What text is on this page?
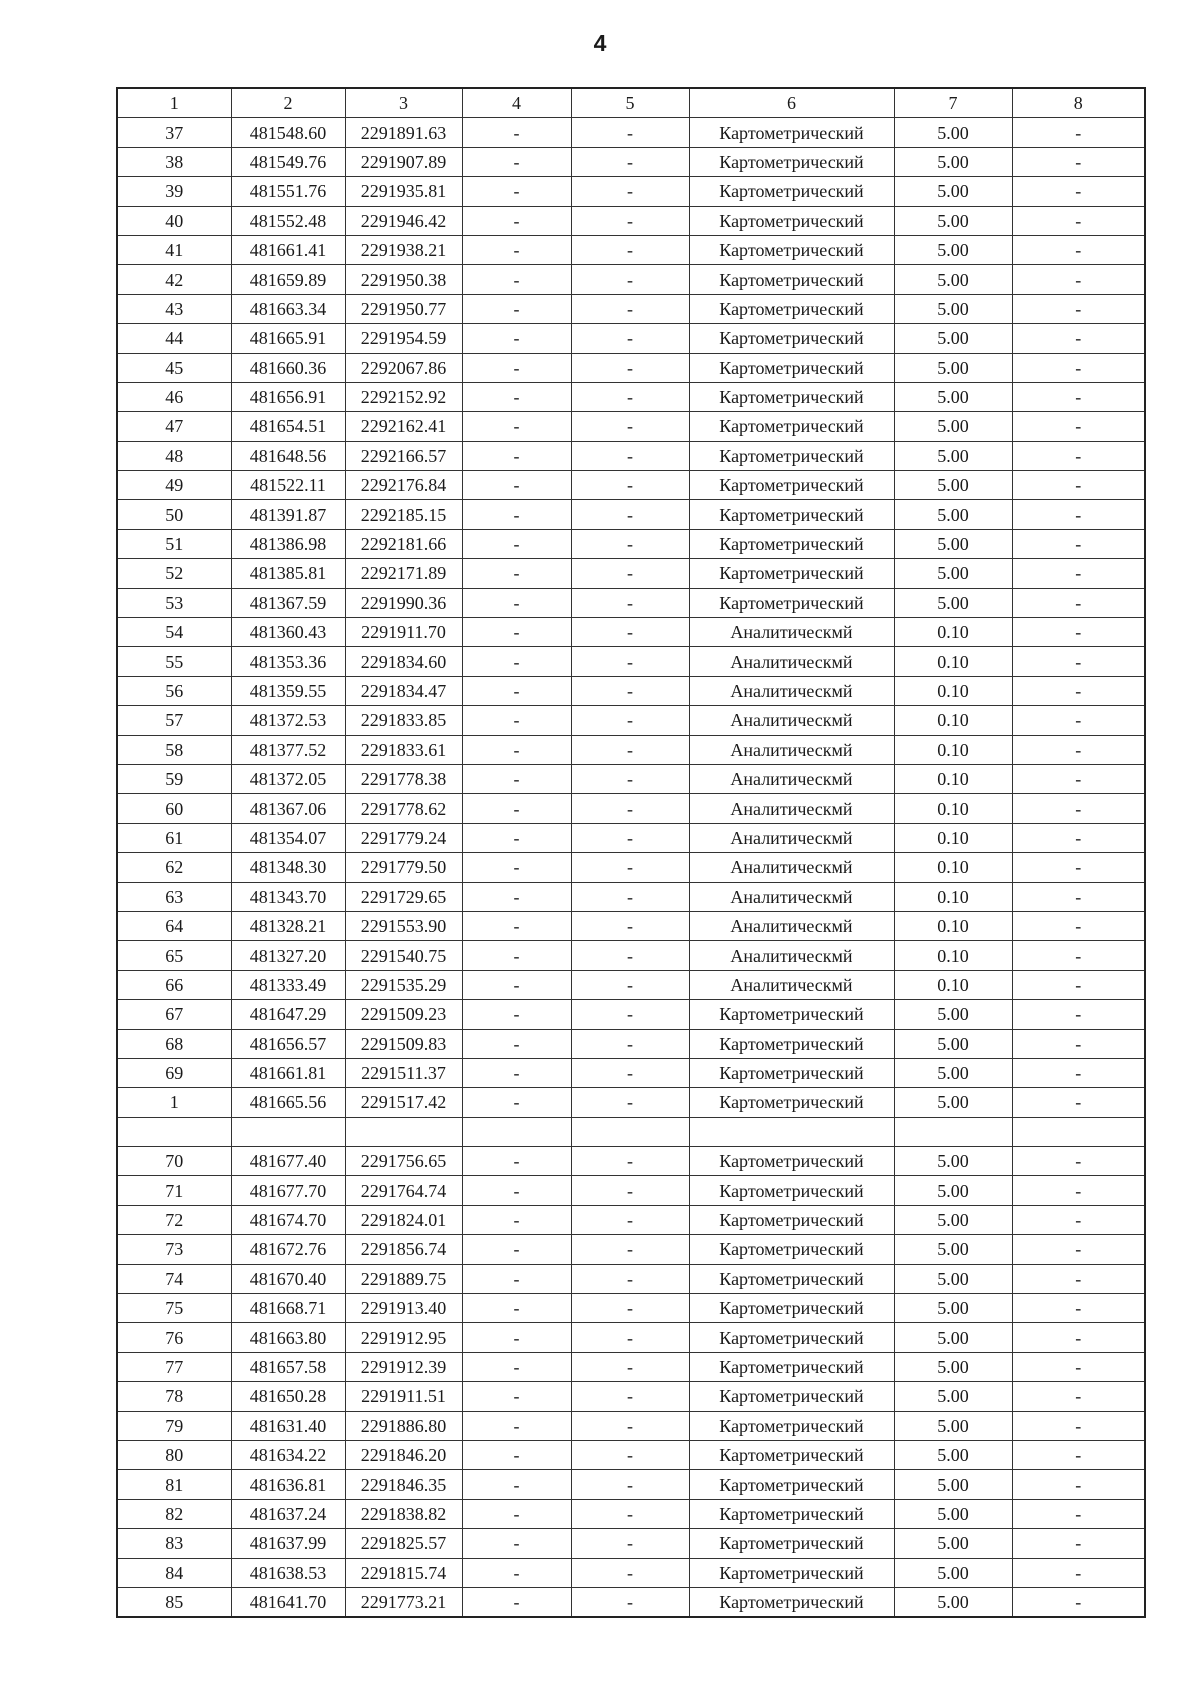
4
1	2	3	4	5	6	7	8
37	481548.60	2291891.63	-	-	Картометрический	5.00	-
38	481549.76	2291907.89	-	-	Картометрический	5.00	-
39	481551.76	2291935.81	-	-	Картометрический	5.00	-
40	481552.48	2291946.42	-	-	Картометрический	5.00	-
41	481661.41	2291938.21	-	-	Картометрический	5.00	-
42	481659.89	2291950.38	-	-	Картометрический	5.00	-
43	481663.34	2291950.77	-	-	Картометрический	5.00	-
44	481665.91	2291954.59	-	-	Картометрический	5.00	-
45	481660.36	2292067.86	-	-	Картометрический	5.00	-
46	481656.91	2292152.92	-	-	Картометрический	5.00	-
47	481654.51	2292162.41	-	-	Картометрический	5.00	-
48	481648.56	2292166.57	-	-	Картометрический	5.00	-
49	481522.11	2292176.84	-	-	Картометрический	5.00	-
50	481391.87	2292185.15	-	-	Картометрический	5.00	-
51	481386.98	2292181.66	-	-	Картометрический	5.00	-
52	481385.81	2292171.89	-	-	Картометрический	5.00	-
53	481367.59	2291990.36	-	-	Картометрический	5.00	-
54	481360.43	2291911.70	-	-	Аналитическмй	0.10	-
55	481353.36	2291834.60	-	-	Аналитическмй	0.10	-
56	481359.55	2291834.47	-	-	Аналитическмй	0.10	-
57	481372.53	2291833.85	-	-	Аналитическмй	0.10	-
58	481377.52	2291833.61	-	-	Аналитическмй	0.10	-
59	481372.05	2291778.38	-	-	Аналитическмй	0.10	-
60	481367.06	2291778.62	-	-	Аналитическмй	0.10	-
61	481354.07	2291779.24	-	-	Аналитическмй	0.10	-
62	481348.30	2291779.50	-	-	Аналитическмй	0.10	-
63	481343.70	2291729.65	-	-	Аналитическмй	0.10	-
64	481328.21	2291553.90	-	-	Аналитическмй	0.10	-
65	481327.20	2291540.75	-	-	Аналитическмй	0.10	-
66	481333.49	2291535.29	-	-	Аналитическмй	0.10	-
67	481647.29	2291509.23	-	-	Картометрический	5.00	-
68	481656.57	2291509.83	-	-	Картометрический	5.00	-
69	481661.81	2291511.37	-	-	Картометрический	5.00	-
1	481665.56	2291517.42	-	-	Картометрический	5.00	-

70	481677.40	2291756.65	-	-	Картометрический	5.00	-
71	481677.70	2291764.74	-	-	Картометрический	5.00	-
72	481674.70	2291824.01	-	-	Картометрический	5.00	-
73	481672.76	2291856.74	-	-	Картометрический	5.00	-
74	481670.40	2291889.75	-	-	Картометрический	5.00	-
75	481668.71	2291913.40	-	-	Картометрический	5.00	-
76	481663.80	2291912.95	-	-	Картометрический	5.00	-
77	481657.58	2291912.39	-	-	Картометрический	5.00	-
78	481650.28	2291911.51	-	-	Картометрический	5.00	-
79	481631.40	2291886.80	-	-	Картометрический	5.00	-
80	481634.22	2291846.20	-	-	Картометрический	5.00	-
81	481636.81	2291846.35	-	-	Картометрический	5.00	-
82	481637.24	2291838.82	-	-	Картометрический	5.00	-
83	481637.99	2291825.57	-	-	Картометрический	5.00	-
84	481638.53	2291815.74	-	-	Картометрический	5.00	-
85	481641.70	2291773.21	-	-	Картометрический	5.00	-
